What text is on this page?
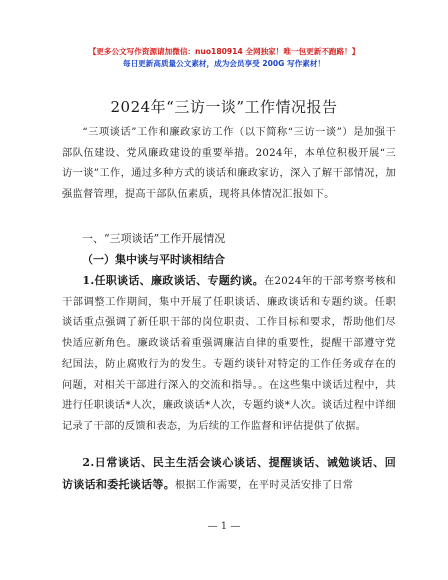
【更多公文写作资源请加微信：nuo180914 全网独家！唯一包更新不跑路！】
每日更新高质量公文素材，成为会员享受 200G 写作素材！
2024年“三访一谈”工作情况报告
“三项谈话”工作和廉政家访工作（以下简称“三访一谈”）是加强干部队伍建设、党风廉政建设的重要举措。2024年，本单位积极开展“三访一谈”工作，通过多种方式的谈话和廉政家访，深入了解干部情况，加强监督管理，提高干部队伍素质，现将具体情况汇报如下。
一、“三项谈话”工作开展情况
（一）集中谈与平时谈相结合
1.任职谈话、廉政谈话、专题约谈。在2024年的干部考察考核和干部调整工作期间，集中开展了任职谈话、廉政谈话和专题约谈。任职谈话重点强调了新任职干部的岗位职责、工作目标和要求，帮助他们尽快适应新角色。廉政谈话着重强调廉洁自律的重要性，提醒干部遵守党纪国法，防止腐败行为的发生。专题约谈针对特定的工作任务或存在的问题，对相关干部进行深入的交流和指导。。在这些集中谈话过程中，共进行任职谈话*人次，廉政谈话*人次，专题约谈*人次。谈话过程中详细记录了干部的反馈和表态，为后续的工作监督和评估提供了依据。
2.日常谈话、民主生活会谈心谈话、提醒谈话、诫勉谈话、回访谈话和委托谈话等。根据工作需要，在平时灵活安排了日常
— 1 —
